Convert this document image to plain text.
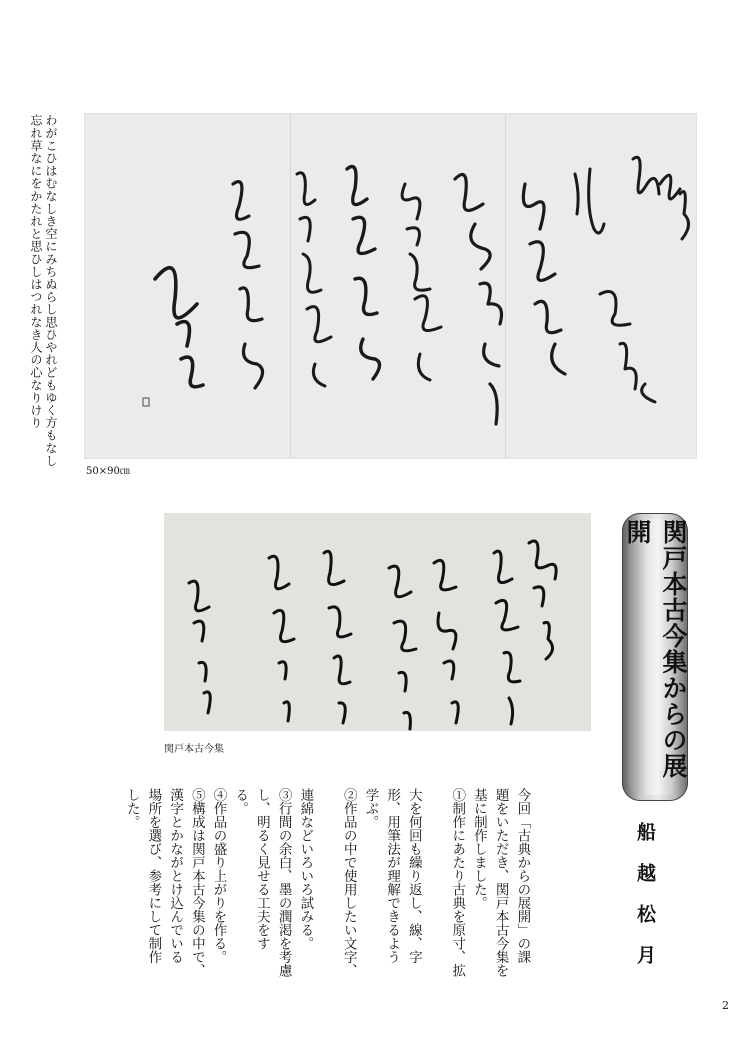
わがこひはむなしき空にみちぬらし思ひやれどもゆく方もなし
忘れ草なにをかたれと思ひしはつれなき人の心なりけり
50×90㎝
関戸本古今集	関戸本古今集からの展開
船越松月

今回「古典からの展開」の課

題をいただき、関戸本古今集を

基に制作しました。

①制作にあたり古典を原寸、拡

大を何回も繰り返し、線、字

形、用筆法が理解できるよう

学ぶ。

②作品の中で使用したい文字、

連綿などいろいろ試みる。

③行間の余白、墨の潤渇を考慮

し、明るく見せる工夫をす

る。

④作品の盛り上がりを作る。

⑤構成は関戸本古今集の中で、

漢字とかながとけ込んでいる

場所を選び、参考にして制作

した。

2
